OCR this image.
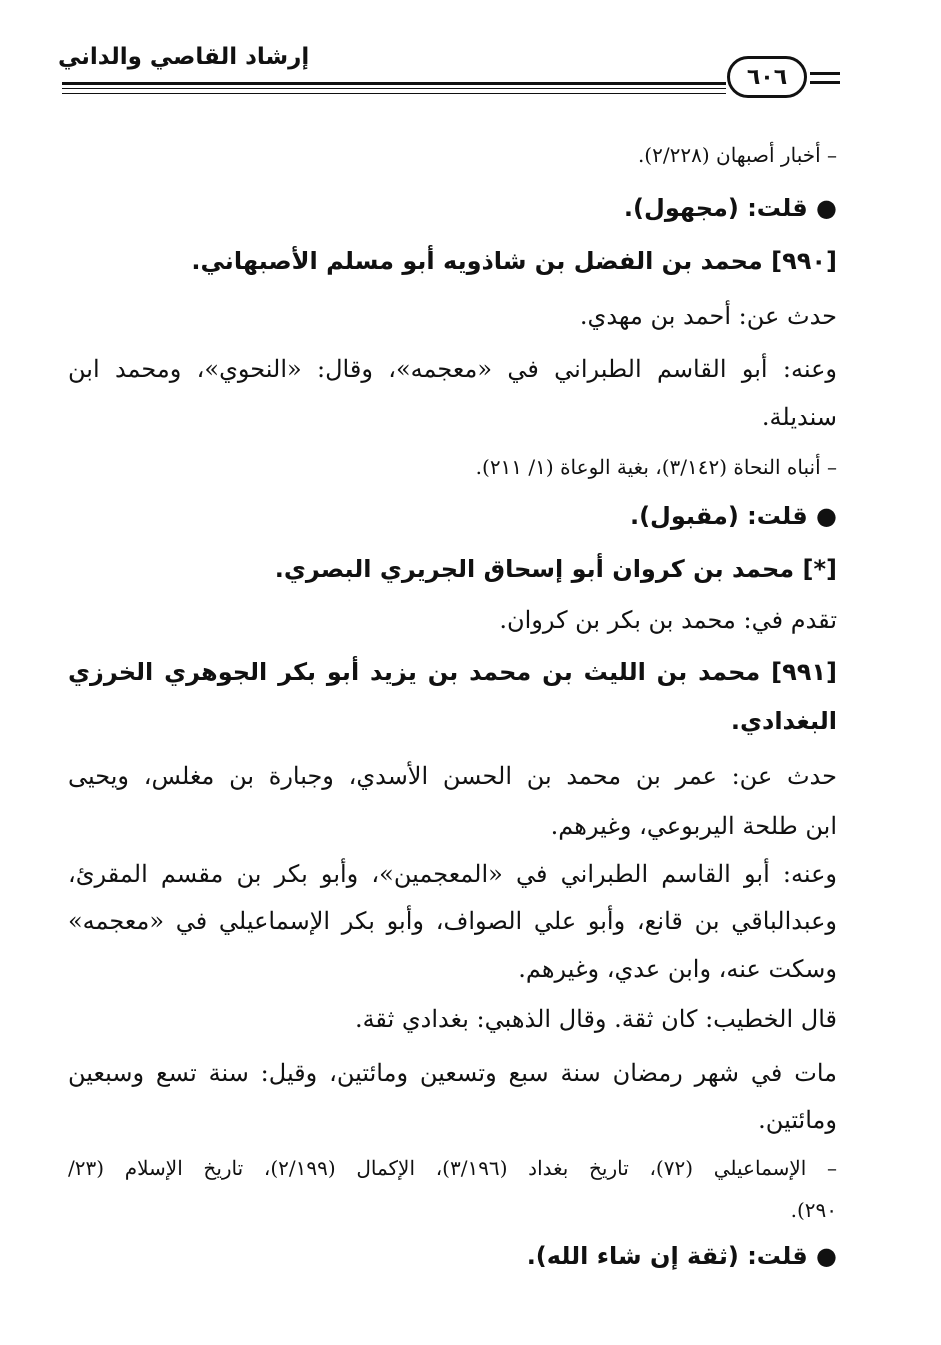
إرشاد القاصي والداني
٦٠٦
– أخبار أصبهان (٢/٢٢٨).
● قلت: (مجهول).
[٩٩٠] محمد بن الفضل بن شاذويه أبو مسلم الأصبهاني.
حدث عن: أحمد بن مهدي.
وعنه: أبو القاسم الطبراني في «معجمه»، وقال: «النحوي»، ومحمد ابن
سنديلة.
– أنباه النحاة (٣/١٤٢)، بغية الوعاة (١/ ٢١١).
● قلت: (مقبول).
[*] محمد بن كروان أبو إسحاق الجريري البصري.
تقدم في: محمد بن بكر بن كروان.
[٩٩١] محمد بن الليث بن محمد بن يزيد أبو بكر الجوهري الخرزي
البغدادي.
حدث عن: عمر بن محمد بن الحسن الأسدي، وجبارة بن مغلس، ويحيى
ابن طلحة اليربوعي، وغيرهم.
وعنه: أبو القاسم الطبراني في «المعجمين»، وأبو بكر بن مقسم المقرئ،
وعبدالباقي بن قانع، وأبو علي الصواف، وأبو بكر الإسماعيلي في «معجمه»
وسكت عنه، وابن عدي، وغيرهم.
قال الخطيب: كان ثقة. وقال الذهبي: بغدادي ثقة.
مات في شهر رمضان سنة سبع وتسعين ومائتين، وقيل: سنة تسع وسبعين
ومائتين.
– الإسماعيلي (٧٢)، تاريخ بغداد (٣/١٩٦)، الإكمال (٢/١٩٩)، تاريخ الإسلام (٢٣/
٢٩٠).
● قلت: (ثقة إن شاء الله).
